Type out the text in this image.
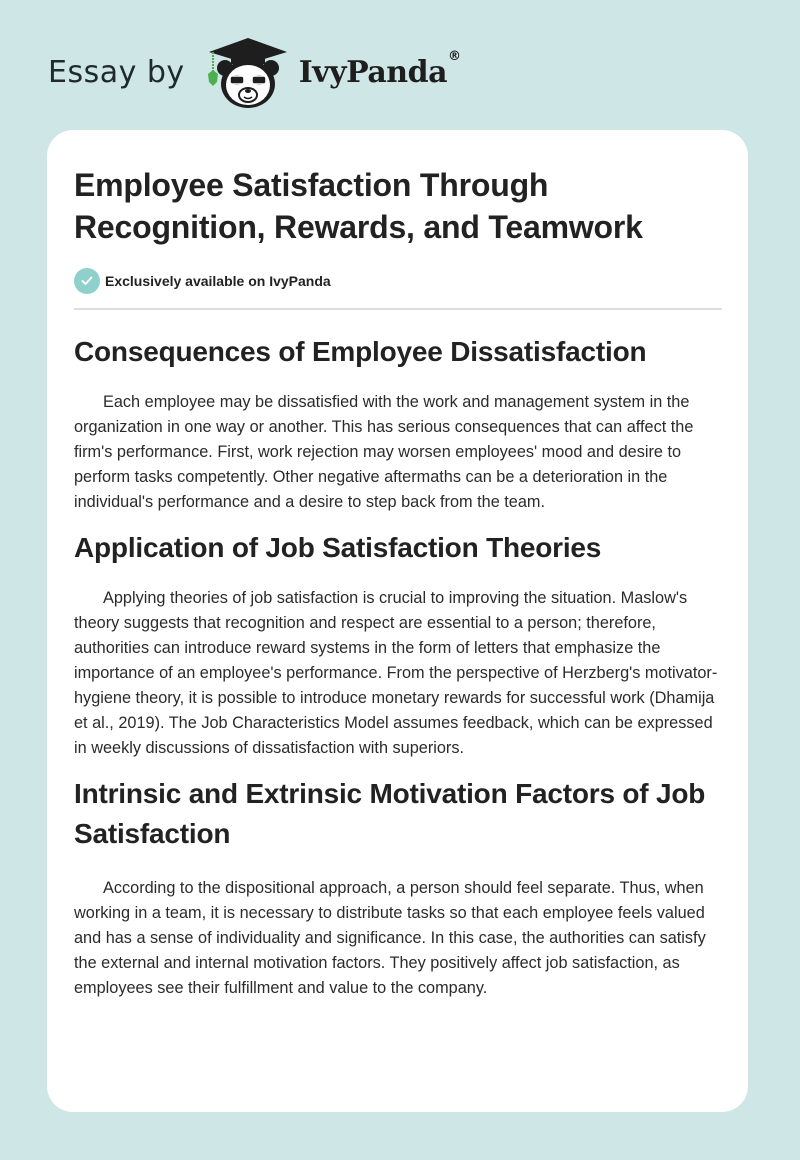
Essay by	IvyPanda®
Employee Satisfaction Through Recognition, Rewards, and Teamwork
Exclusively available on IvyPanda
Consequences of Employee Dissatisfaction

Each employee may be dissatisfied with the work and management system in the organization in one way or another. This has serious consequences that can affect the firm's performance. First, work rejection may worsen employees' mood and desire to perform tasks competently. Other negative aftermaths can be a deterioration in the individual's performance and a desire to step back from the team.

Application of Job Satisfaction Theories

Applying theories of job satisfaction is crucial to improving the situation. Maslow's theory suggests that recognition and respect are essential to a person; therefore, authorities can introduce reward systems in the form of letters that emphasize the importance of an employee's performance. From the perspective of Herzberg's motivator-hygiene theory, it is possible to introduce monetary rewards for successful work (Dhamija et al., 2019). The Job Characteristics Model assumes feedback, which can be expressed in weekly discussions of dissatisfaction with superiors.

Intrinsic and Extrinsic Motivation Factors of Job Satisfaction

According to the dispositional approach, a person should feel separate. Thus, when working in a team, it is necessary to distribute tasks so that each employee feels valued and has a sense of individuality and significance. In this case, the authorities can satisfy the external and internal motivation factors. They positively affect job satisfaction, as employees see their fulfillment and value to the company.
